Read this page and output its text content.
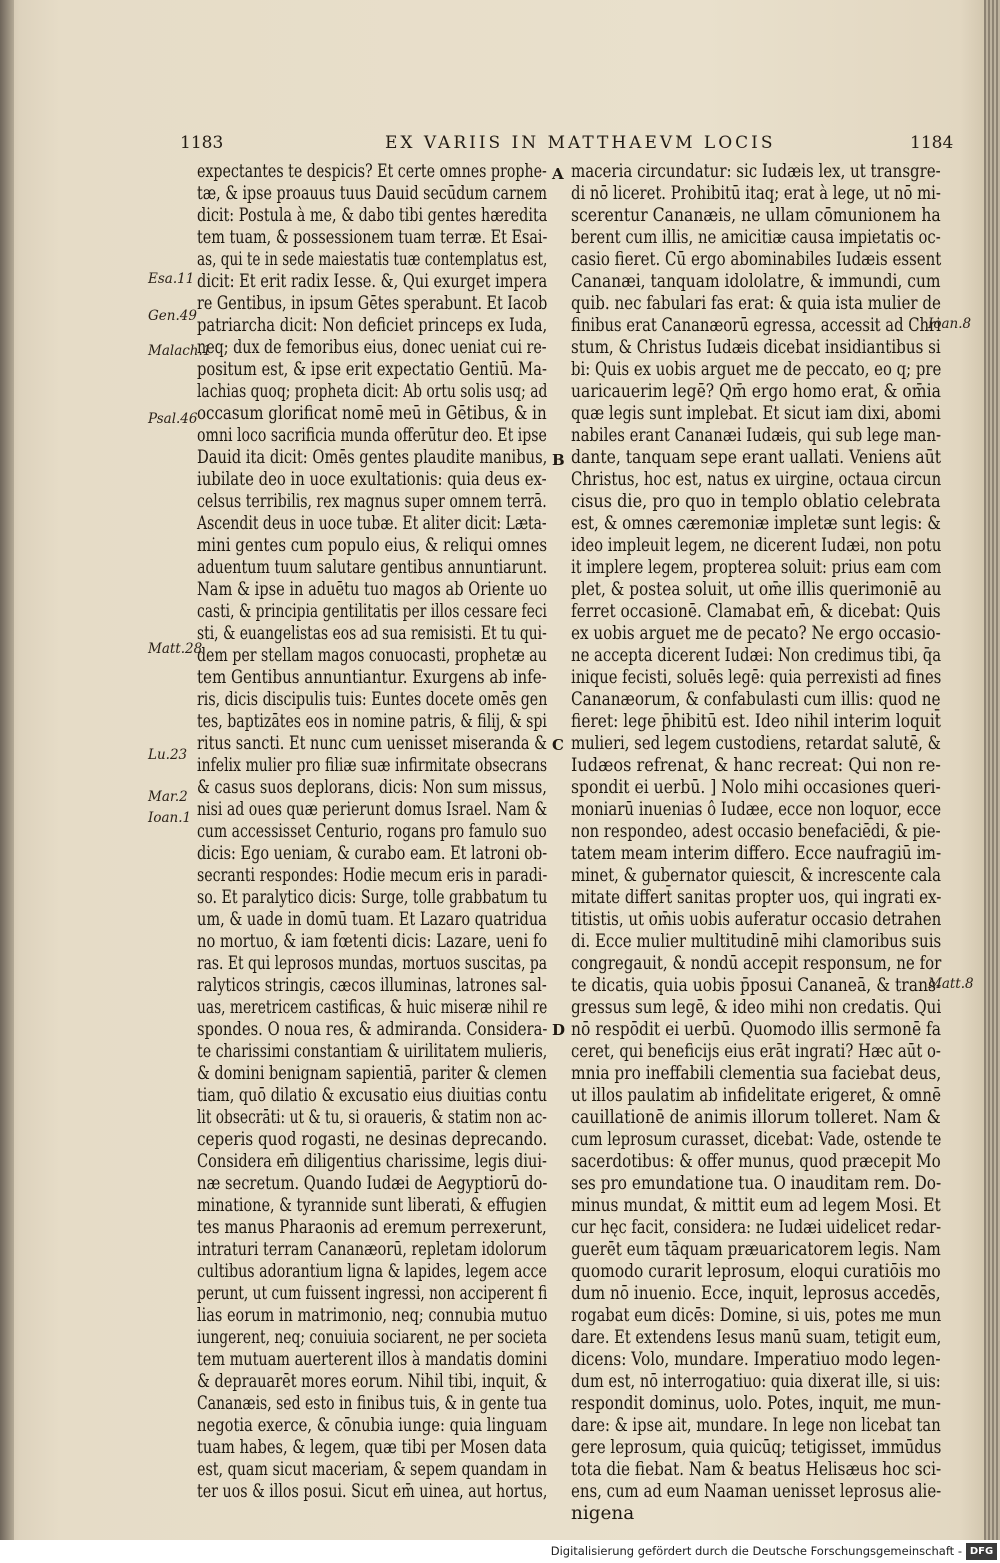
1183	EX VARIIS IN MATTHAEVM LOCIS	1184
expectantes te despicis? Et certe omnes prophe-
tæ, & ipse proauus tuus Dauid secūdum carnem
dicit: Postula à me, & dabo tibi gentes hæredita
tem tuam, & possessionem tuam terræ. Et Esai-
as, qui te in sede maiestatis tuæ contemplatus est,
dicit: Et erit radix Iesse. &, Qui exurget impera
re Gentibus, in ipsum Gētes sperabunt. Et Iacob
patriarcha dicit: Non deficiet princeps ex Iuda,
neq; dux de femoribus eius, donec ueniat cui re-
positum est, & ipse erit expectatio Gentiū. Ma-
lachias quoq; propheta dicit: Ab ortu solis usq; ad
occasum glorificat nomē meū in Gētibus, & in
omni loco sacrificia munda offerūtur deo. Et ipse
Dauid ita dicit: Omēs gentes plaudite manibus,
iubilate deo in uoce exultationis: quia deus ex-
celsus terribilis, rex magnus super omnem terrā.
Ascendit deus in uoce tubæ. Et aliter dicit: Læta-
mini gentes cum populo eius, & reliqui omnes
aduentum tuum salutare gentibus annuntiarunt.
Nam & ipse in aduētu tuo magos ab Oriente uo
casti, & principia gentilitatis per illos cessare feci
sti, & euangelistas eos ad sua remisisti. Et tu qui-
dem per stellam magos conuocasti, prophetæ au
tem Gentibus annuntiantur. Exurgens ab infe-
ris, dicis discipulis tuis: Euntes docete omēs gen
tes, baptizātes eos in nomine patris, & filij, & spi
ritus sancti. Et nunc cum uenisset miseranda &
infelix mulier pro filiæ suæ infirmitate obsecrans
& casus suos deplorans, dicis: Non sum missus,
nisi ad oues quæ perierunt domus Israel. Nam &
cum accessisset Centurio, rogans pro famulo suo
dicis: Ego ueniam, & curabo eam. Et latroni ob-
secranti respondes: Hodie mecum eris in paradi-
so. Et paralytico dicis: Surge, tolle grabbatum tu
um, & uade in domū tuam. Et Lazaro quatridua
no mortuo, & iam fœtenti dicis: Lazare, ueni fo
ras. Et qui leprosos mundas, mortuos suscitas, pa
ralyticos stringis, cæcos illuminas, latrones sal-
uas, meretricem castificas, & huic miseræ nihil re
spondes. O noua res, & admiranda. Considera-
te charissimi constantiam & uirilitatem mulieris,
& domini benignam sapientiā, pariter & clemen
tiam, quō dilatio & excusatio eius diuitias contu
lit obsecrāti: ut & tu, si oraueris, & statim non ac-
ceperis quod rogasti, ne desinas deprecando.
Considera em̄ diligentius charissime, legis diui-
næ secretum. Quando Iudæi de Aegyptiorū do-
minatione, & tyrannide sunt liberati, & effugien
tes manus Pharaonis ad eremum perrexerunt,
intraturi terram Cananæorū, repletam idolorum
cultibus adorantium ligna & lapides, legem acce
perunt, ut cum fuissent ingressi, non acciperent fi
lias eorum in matrimonio, neq; connubia mutuo
iungerent, neq; conuiuia sociarent, ne per societa
tem mutuam auerterent illos à mandatis domini
& deprauarēt mores eorum. Nihil tibi, inquit, &
Cananæis, sed esto in finibus tuis, & in gente tua
negotia exerce, & cōnubia iunge: quia linguam
tuam habes, & legem, quæ tibi per Mosen data
est, quam sicut maceriam, & sepem quandam in
ter uos & illos posui. Sicut em̄ uinea, aut hortus,
maceria circundatur: sic Iudæis lex, ut transgre-
di nō liceret. Prohibitū itaq; erat à lege, ut nō mi-
scerentur Cananæis, ne ullam cōmunionem ha
berent cum illis, ne amicitiæ causa impietatis oc-
casio fieret. Cū ergo abominabiles Iudæis essent
Cananæi, tanquam idololatre, & immundi, cum
quib. nec fabulari fas erat: & quia ista mulier de
finibus erat Cananæorū egressa, accessit ad Chri
stum, & Christus Iudæis dicebat insidiantibus si
bi: Quis ex uobis arguet me de peccato, eo q; pre
uaricauerim legē? Qm̄ ergo homo erat, & om̄ia
quæ legis sunt implebat. Et sicut iam dixi, abomi
nabiles erant Cananæi Iudæis, qui sub lege man-
dante, tanquam sepe erant uallati. Veniens aūt
Christus, hoc est, natus ex uirgine, octaua circun
cisus die, pro quo in templo oblatio celebrata
est, & omnes cæremoniæ impletæ sunt legis: &
ideo impleuit legem, ne dicerent Iudæi, non potu
it implere legem, propterea soluit: prius eam com
plet, & postea soluit, ut om̄e illis querimoniē au
ferret occasionē. Clamabat em̄, & dicebat: Quis
ex uobis arguet me de pecato? Ne ergo occasio-
ne accepta dicerent Iudæi: Non credimus tibi, q̄a
inique fecisti, soluēs legē: quia perrexisti ad fines
Cananæorum, & confabulasti cum illis: quod ne
fieret: lege p̄hibitū est. Ideo nihil interim loquit̄
mulieri, sed legem custodiens, retardat salutē, &
Iudæos refrenat, & hanc recreat: Qui non re-
spondit ei uerbū. ] Nolo mihi occasiones queri-
moniarū inuenias ô Iudæe, ecce non loquor, ecce
non respondeo, adest occasio benefaciēdi, & pie-
tatem meam interim differo. Ecce naufragiū im-
minet, & gubernator quiescit, & increscente cala
mitate differt̄ sanitas propter uos, qui ingrati ex-
titistis, ut om̄is uobis auferatur occasio detrahen
di. Ecce mulier multitudinē mihi clamoribus suis
congregauit, & nondū accepit responsum, ne for
te dicatis, quia uobis p̄posui Cananeā, & trans-
gressus sum legē, & ideo mihi non credatis. Qui
nō respōdit ei uerbū. Quomodo illis sermonē fa
ceret, qui beneficijs eius erāt ingrati? Hæc aūt o-
mnia pro ineffabili clementia sua faciebat deus,
ut illos paulatim ab infidelitate erigeret, & omnē
cauillationē de animis illorum tolleret. Nam &
cum leprosum curasset, dicebat: Vade, ostende te
sacerdotibus: & offer munus, quod præcepit Mo
ses pro emundatione tua. O inauditam rem. Do-
minus mundat, & mittit eum ad legem Mosi. Et
cur hęc facit, considera: ne Iudæi uidelicet redar-
guerēt eum tāquam præuaricatorem legis. Nam
quomodo curarit leprosum, eloqui curatiōis mo
dum nō inuenio. Ecce, inquit, leprosus accedēs,
rogabat eum dicēs: Domine, si uis, potes me mun
dare. Et extendens Iesus manū suam, tetigit eum,
dicens: Volo, mundare. Imperatiuo modo legen-
dum est, nō interrogatiuo: quia dixerat ille, si uis:
respondit dominus, uolo. Potes, inquit, me mun-
dare: & ipse ait, mundare. In lege non licebat tan
gere leprosum, quia quicūq; tetigisset, immūdus
tota die fiebat. Nam & beatus Helisæus hoc sci-
ens, cum ad eum Naaman uenisset leprosus alie-
nigena
Esa.11
Gen.49
Malach.1
Psal.46
Matt.28
Lu.23
Mar.2
Ioan.1
Ioan.8
Matt.8
A
B
C
D
Digitalisierung gefördert durch die Deutsche Forschungsgemeinschaft - DFG
